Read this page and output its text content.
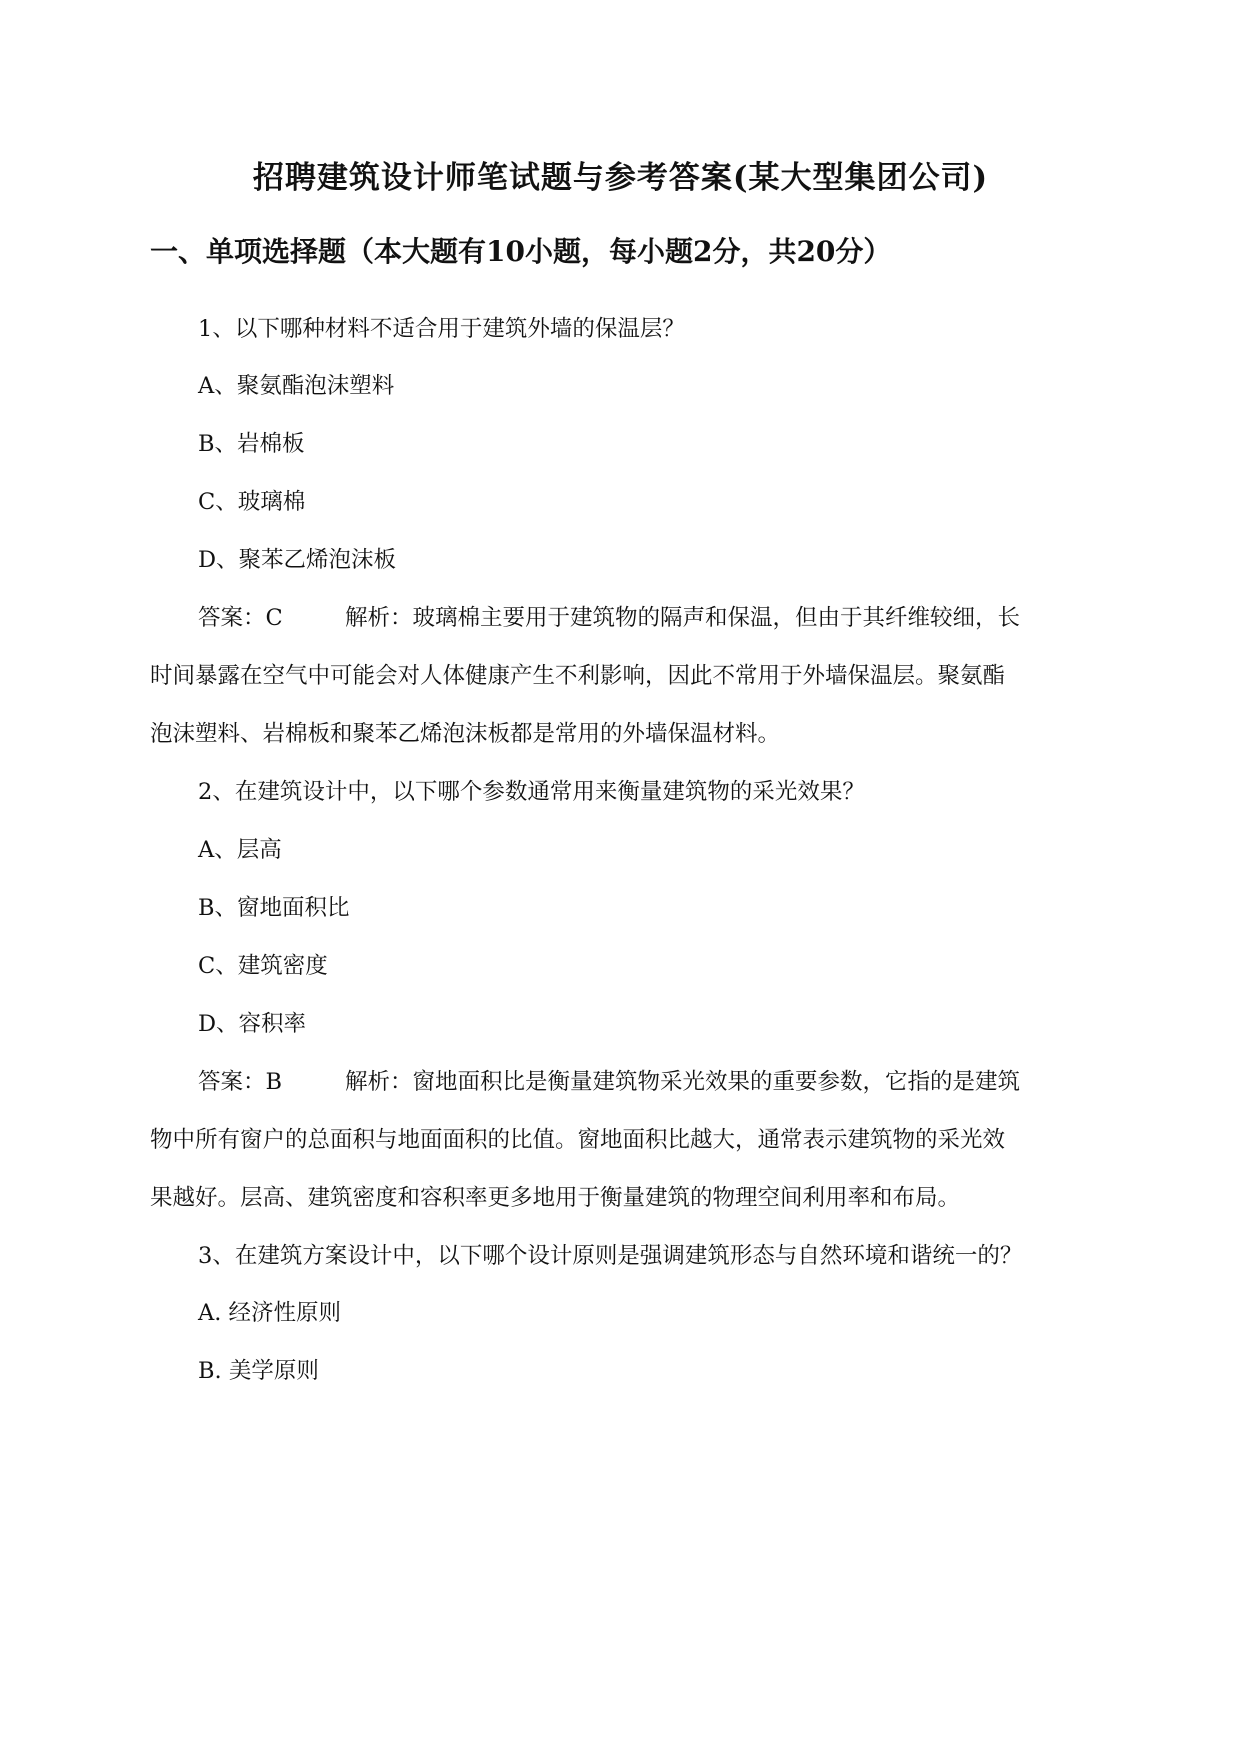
招聘建筑设计师笔试题与参考答案(某大型集团公司)
一、单项选择题（本大题有10小题，每小题2分，共20分）
1、以下哪种材料不适合用于建筑外墙的保温层？
A、聚氨酯泡沫塑料
B、岩棉板
C、玻璃棉
D、聚苯乙烯泡沫板
答案：C	解析：玻璃棉主要用于建筑物的隔声和保温，但由于其纤维较细，长
时间暴露在空气中可能会对人体健康产生不利影响，因此不常用于外墙保温层。聚氨酯
泡沫塑料、岩棉板和聚苯乙烯泡沫板都是常用的外墙保温材料。
2、在建筑设计中，以下哪个参数通常用来衡量建筑物的采光效果？
A、层高
B、窗地面积比
C、建筑密度
D、容积率
答案：B	解析：窗地面积比是衡量建筑物采光效果的重要参数，它指的是建筑
物中所有窗户的总面积与地面面积的比值。窗地面积比越大，通常表示建筑物的采光效
果越好。层高、建筑密度和容积率更多地用于衡量建筑的物理空间利用率和布局。
3、在建筑方案设计中，以下哪个设计原则是强调建筑形态与自然环境和谐统一的？
A. 经济性原则
B. 美学原则
